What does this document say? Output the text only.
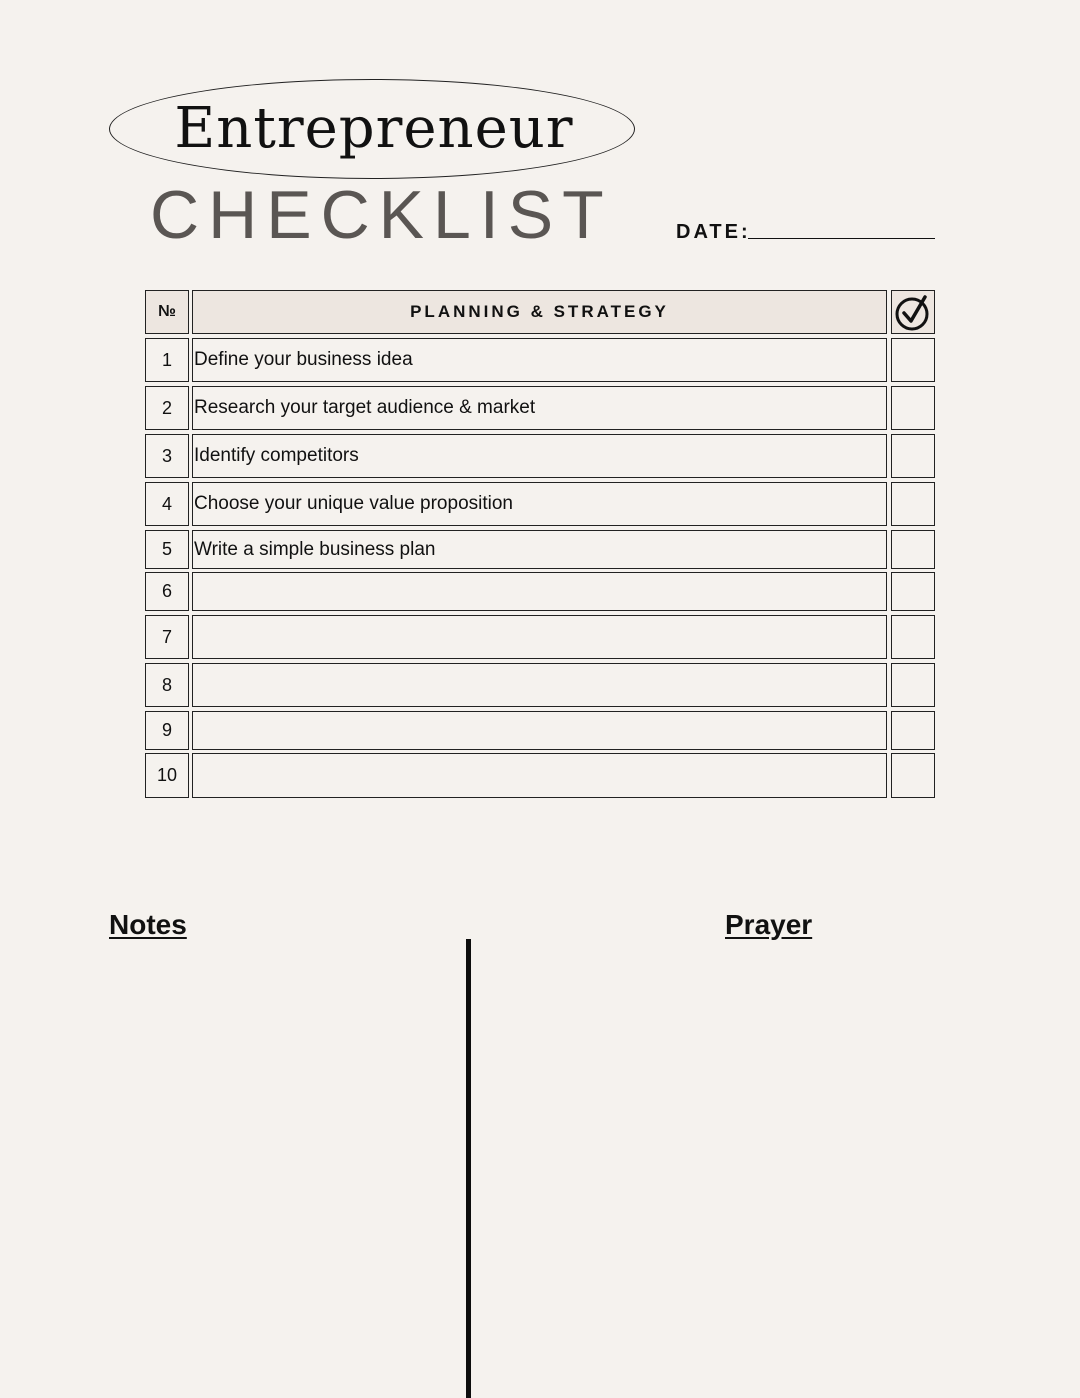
Entrepreneur
CHECKLIST	DATE:
№	PLANNING & STRATEGY
1	Define your business idea
2	Research your target audience & market
3	Identify competitors
4	Choose your unique value proposition
5	Write a simple business plan
6
7
8
9
10
Notes	Prayer
